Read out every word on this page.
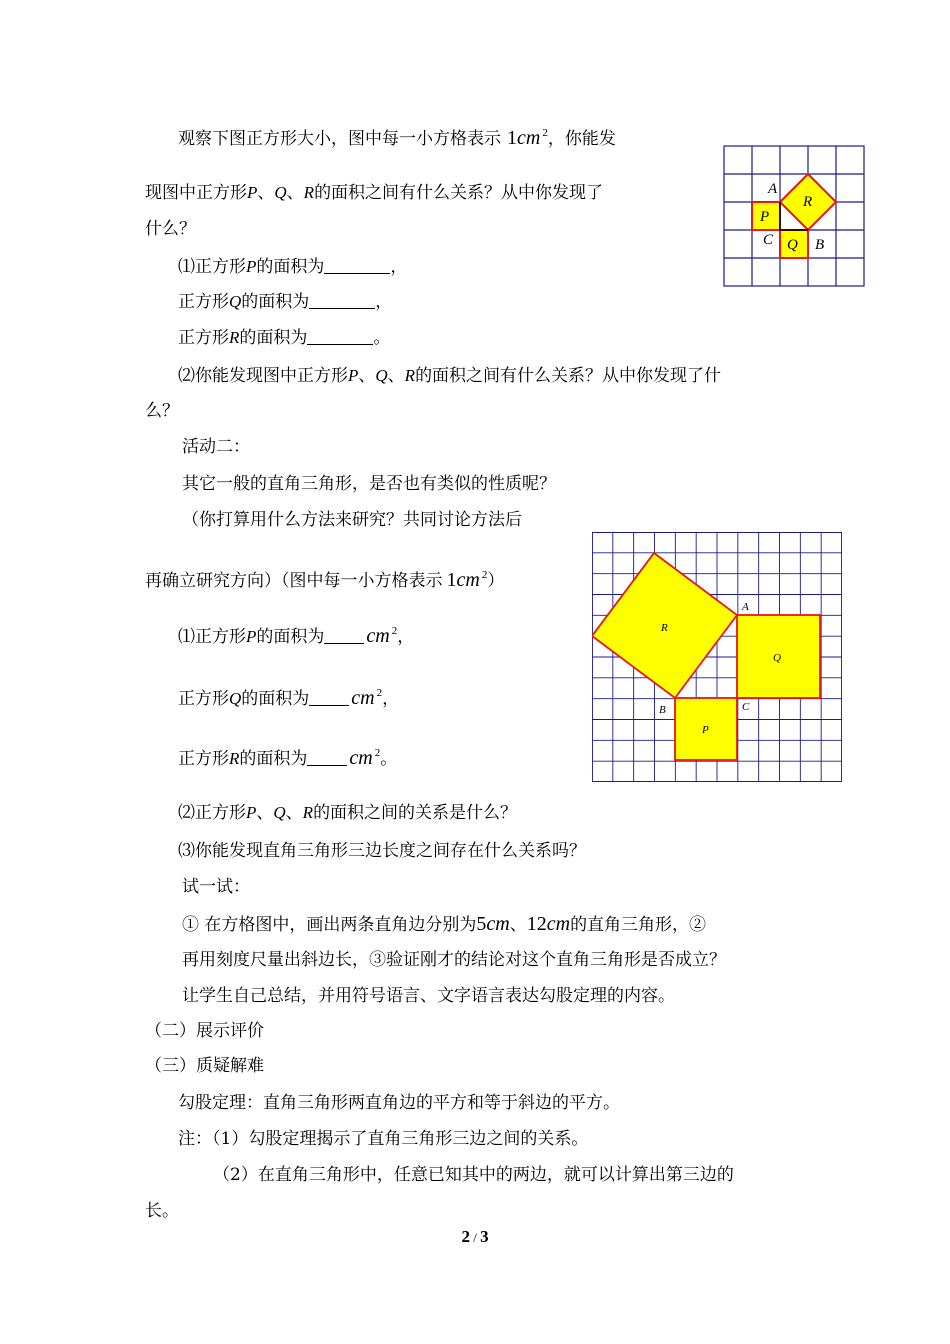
观察下图正方形大小，图中每一小方格表示 1cm $^2$，你能发
现图中正方形P、Q、R的面积之间有什么关系？从中你发现了
什么？
⑴正方形P的面积为	，
正方形Q的面积为	，
正方形R的面积为	。
⑵你能发现图中正方形P、Q、R的面积之间有什么关系？从中你发现了什
么？
活动二：
其它一般的直角三角形，是否也有类似的性质呢？
（你打算用什么方法来研究？共同讨论方法后
再确立研究方向）（图中每一小方格表示 1cm $^2$）
⑴正方形P的面积为 cm $^2$，
正方形Q的面积为 cm $^2$，
正方形R的面积为 cm $^2$。
⑵正方形P、Q、R的面积之间的关系是什么？
⑶你能发现直角三角形三边长度之间存在什么关系吗？
试一试：
① 在方格图中，画出两条直角边分别为5cm、12cm的直角三角形，②
再用刻度尺量出斜边长，③验证刚才的结论对这个直角三角形是否成立？
让学生自己总结，并用符号语言、文字语言表达勾股定理的内容。
（二）展示评价
（三）质疑解难
勾股定理：直角三角形两直角边的平方和等于斜边的平方。
注：（1）勾股定理揭示了直角三角形三边之间的关系。
（2）在直角三角形中，任意已知其中的两边，就可以计算出第三边的
长。
2 / 3
A
B
C
P
Q
R
A
B	C
P
Q
R
